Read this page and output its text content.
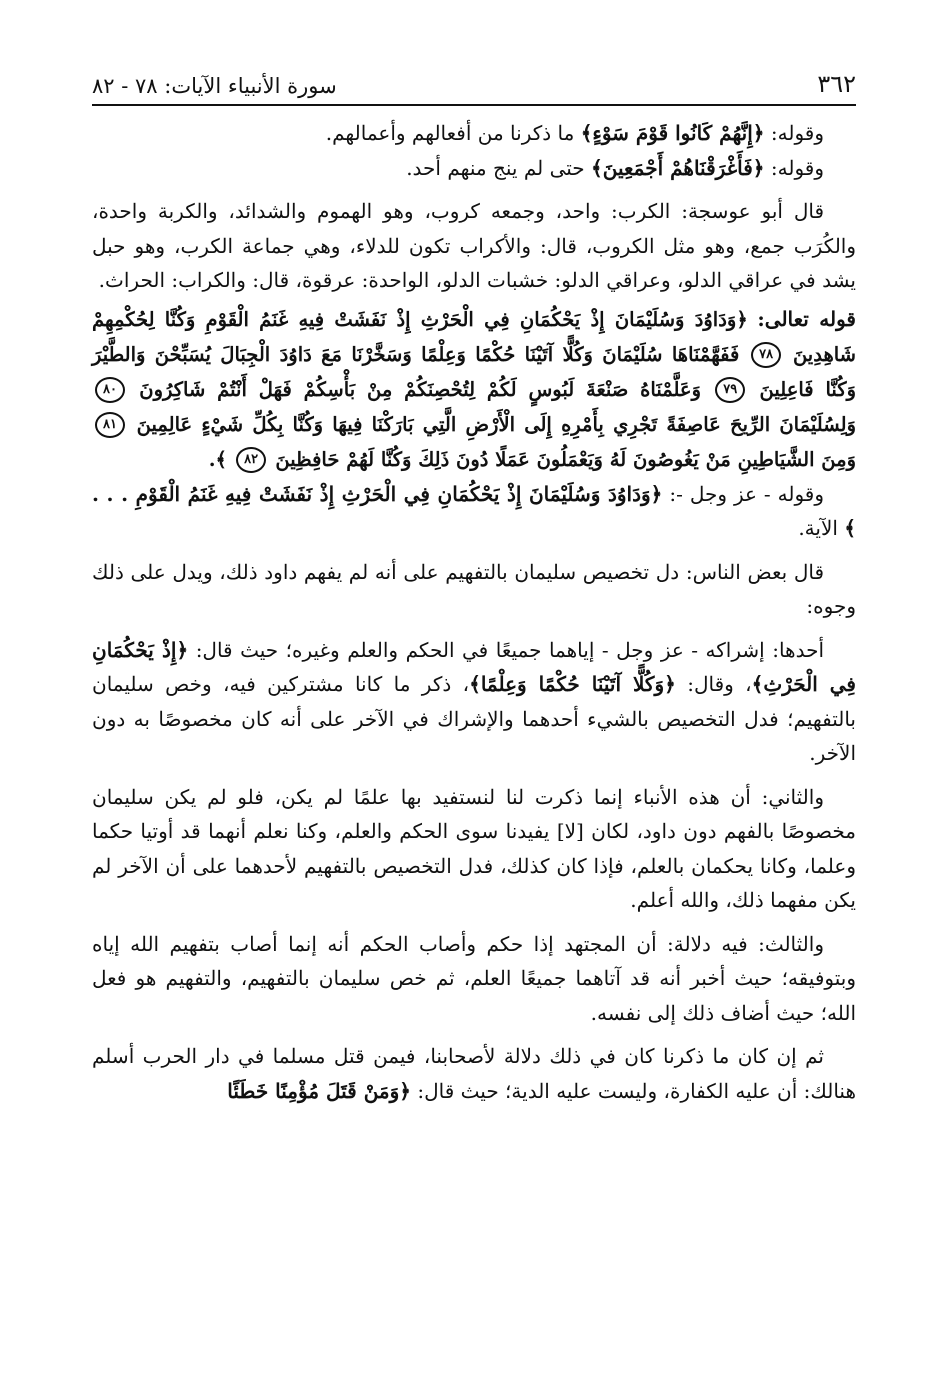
٣٦٢
سورة الأنبياء الآيات: ٧٨ - ٨٢

وقوله: ﴿إِنَّهُمْ كَانُوا قَوْمَ سَوْءٍ﴾ ما ذكرنا من أفعالهم وأعمالهم.

وقوله: ﴿فَأَغْرَقْنَاهُمْ أَجْمَعِينَ﴾ حتى لم ينج منهم أحد.

قال أبو عوسجة: الكرب: واحد، وجمعه كروب، وهو الهموم والشدائد، والكربة واحدة، والكُرَب جمع، وهو مثل الكروب، قال: والأكراب تكون للدلاء، وهي جماعة الكرب، وهو حبل يشد في عراقي الدلو، وعراقي الدلو: خشبات الدلو، الواحدة: عرقوة، قال: والكراب: الحراث.

قوله تعالى: ﴿وَدَاوُدَ وَسُلَيْمَانَ إِذْ يَحْكُمَانِ فِي الْحَرْثِ إِذْ نَفَشَتْ فِيهِ غَنَمُ الْقَوْمِ وَكُنَّا لِحُكْمِهِمْ شَاهِدِينَ ٧٨ فَفَهَّمْنَاهَا سُلَيْمَانَ وَكُلًّا آتَيْنَا حُكْمًا وَعِلْمًا وَسَخَّرْنَا مَعَ دَاوُدَ الْجِبَالَ يُسَبِّحْنَ وَالطَّيْرَ وَكُنَّا فَاعِلِينَ ٧٩ وَعَلَّمْنَاهُ صَنْعَةَ لَبُوسٍ لَكُمْ لِتُحْصِنَكُمْ مِنْ بَأْسِكُمْ فَهَلْ أَنْتُمْ شَاكِرُونَ ٨٠ وَلِسُلَيْمَانَ الرِّيحَ عَاصِفَةً تَجْرِي بِأَمْرِهِ إِلَى الْأَرْضِ الَّتِي بَارَكْنَا فِيهَا وَكُنَّا بِكُلِّ شَيْءٍ عَالِمِينَ ٨١ وَمِنَ الشَّيَاطِينِ مَنْ يَغُوصُونَ لَهُ وَيَعْمَلُونَ عَمَلًا دُونَ ذَلِكَ وَكُنَّا لَهُمْ حَافِظِينَ ٨٢ ﴾.

وقوله - عز وجل -: ﴿وَدَاوُدَ وَسُلَيْمَانَ إِذْ يَحْكُمَانِ فِي الْحَرْثِ إِذْ نَفَشَتْ فِيهِ غَنَمُ الْقَوْمِ . . . ﴾ الآية.

قال بعض الناس: دل تخصيص سليمان بالتفهيم على أنه لم يفهم داود ذلك، ويدل على ذلك وجوه:

أحدها: إشراكه - عز وجل - إياهما جميعًا في الحكم والعلم وغيره؛ حيث قال: ﴿إِذْ يَحْكُمَانِ فِي الْحَرْثِ﴾، وقال: ﴿وَكُلًّا آتَيْنَا حُكْمًا وَعِلْمًا﴾، ذكر ما كانا مشتركين فيه، وخص سليمان بالتفهيم؛ فدل التخصيص بالشيء أحدهما والإشراك في الآخر على أنه كان مخصوصًا به دون الآخر.

والثاني: أن هذه الأنباء إنما ذكرت لنا لنستفيد بها علمًا لم يكن، فلو لم يكن سليمان مخصوصًا بالفهم دون داود، لكان [لا] يفيدنا سوى الحكم والعلم، وكنا نعلم أنهما قد أوتيا حكما وعلما، وكانا يحكمان بالعلم، فإذا كان كذلك، فدل التخصيص بالتفهيم لأحدهما على أن الآخر لم يكن مفهما ذلك، والله أعلم.

والثالث: فيه دلالة: أن المجتهد إذا حكم وأصاب الحكم أنه إنما أصاب بتفهيم الله إياه وبتوفيقه؛ حيث أخبر أنه قد آتاهما جميعًا العلم، ثم خص سليمان بالتفهيم، والتفهيم هو فعل الله؛ حيث أضاف ذلك إلى نفسه.

ثم إن كان ما ذكرنا كان في ذلك دلالة لأصحابنا، فيمن قتل مسلما في دار الحرب أسلم هنالك: أن عليه الكفارة، وليست عليه الدية؛ حيث قال: ﴿وَمَنْ قَتَلَ مُؤْمِنًا خَطَئًا
